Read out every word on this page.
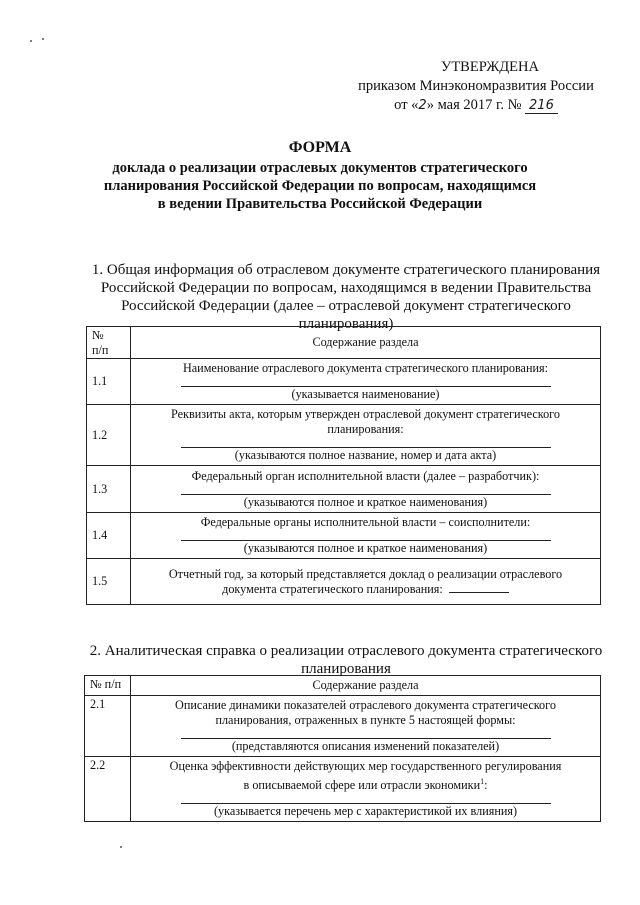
УТВЕРЖДЕНА
приказом Минэкономразвития России
от «2» мая 2017 г. № 216
ФОРМА
доклада о реализации отраслевых документов стратегического
планирования Российской Федерации по вопросам, находящимся
в ведении Правительства Российской Федерации
1. Общая информация об отраслевом документе стратегического планирования
Российской Федерации по вопросам, находящимся в ведении Правительства
Российской Федерации (далее – отраслевой документ стратегического
планирования)
№
п/п	Содержание раздела
1.1	Наименование отраслевого документа стратегического планирования:
(указывается наименование)

1.2	Реквизиты акта, которым утвержден отраслевой документ стратегического
планирования:
(указываются полное название, номер и дата акта)

1.3	Федеральный орган исполнительной власти (далее – разработчик):
(указываются полное и краткое наименования)

1.4	Федеральные органы исполнительной власти – соисполнители:
(указываются полное и краткое наименования)

1.5	Отчетный год, за который представляется доклад о реализации отраслевого
документа стратегического планирования:
2. Аналитическая справка о реализации отраслевого документа стратегического
планирования
№ п/п	Содержание раздела
2.1	Описание динамики показателей отраслевого документа стратегического
планирования, отраженных в пункте 5 настоящей формы:
(представляются описания изменений показателей)

2.2	Оценка эффективности действующих мер государственного регулирования
в описываемой сфере или отрасли экономики$^1$:
(указывается перечень мер с характеристикой их влияния)
